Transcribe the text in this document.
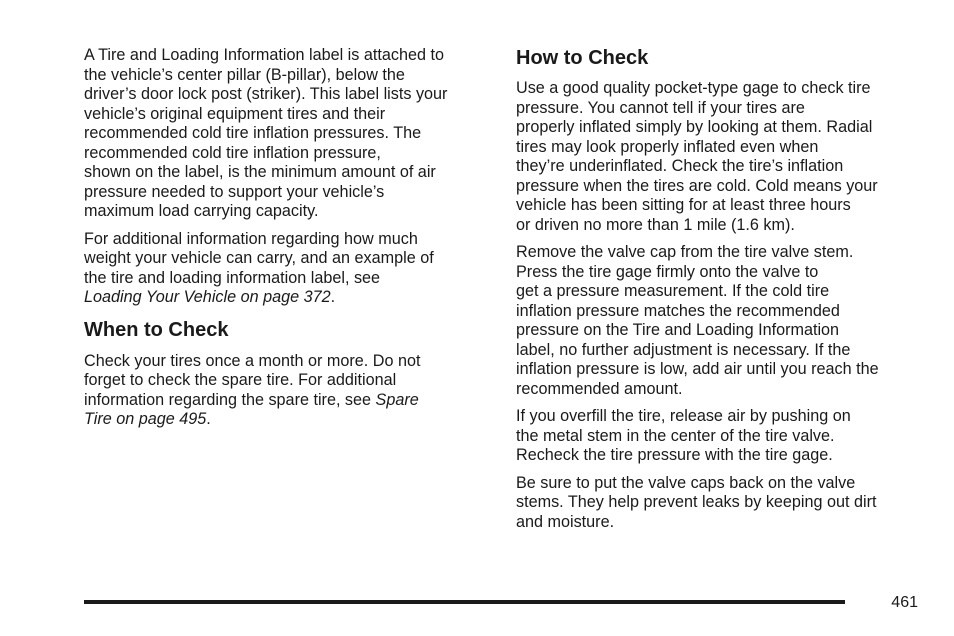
A Tire and Loading Information label is attached to
the vehicle’s center pillar (B-pillar), below the
driver’s door lock post (striker). This label lists your
vehicle’s original equipment tires and their
recommended cold tire inflation pressures. The
recommended cold tire inflation pressure,
shown on the label, is the minimum amount of air
pressure needed to support your vehicle’s
maximum load carrying capacity.

For additional information regarding how much
weight your vehicle can carry, and an example of
the tire and loading information label, see
Loading Your Vehicle on page 372.

When to Check

Check your tires once a month or more. Do not
forget to check the spare tire. For additional
information regarding the spare tire, see Spare
Tire on page 495.

How to Check

Use a good quality pocket-type gage to check tire
pressure. You cannot tell if your tires are
properly inflated simply by looking at them. Radial
tires may look properly inflated even when
they’re underinflated. Check the tire’s inflation
pressure when the tires are cold. Cold means your
vehicle has been sitting for at least three hours
or driven no more than 1 mile (1.6 km).

Remove the valve cap from the tire valve stem.
Press the tire gage firmly onto the valve to
get a pressure measurement. If the cold tire
inflation pressure matches the recommended
pressure on the Tire and Loading Information
label, no further adjustment is necessary. If the
inflation pressure is low, add air until you reach the
recommended amount.

If you overfill the tire, release air by pushing on
the metal stem in the center of the tire valve.
Recheck the tire pressure with the tire gage.

Be sure to put the valve caps back on the valve
stems. They help prevent leaks by keeping out dirt
and moisture.

461
